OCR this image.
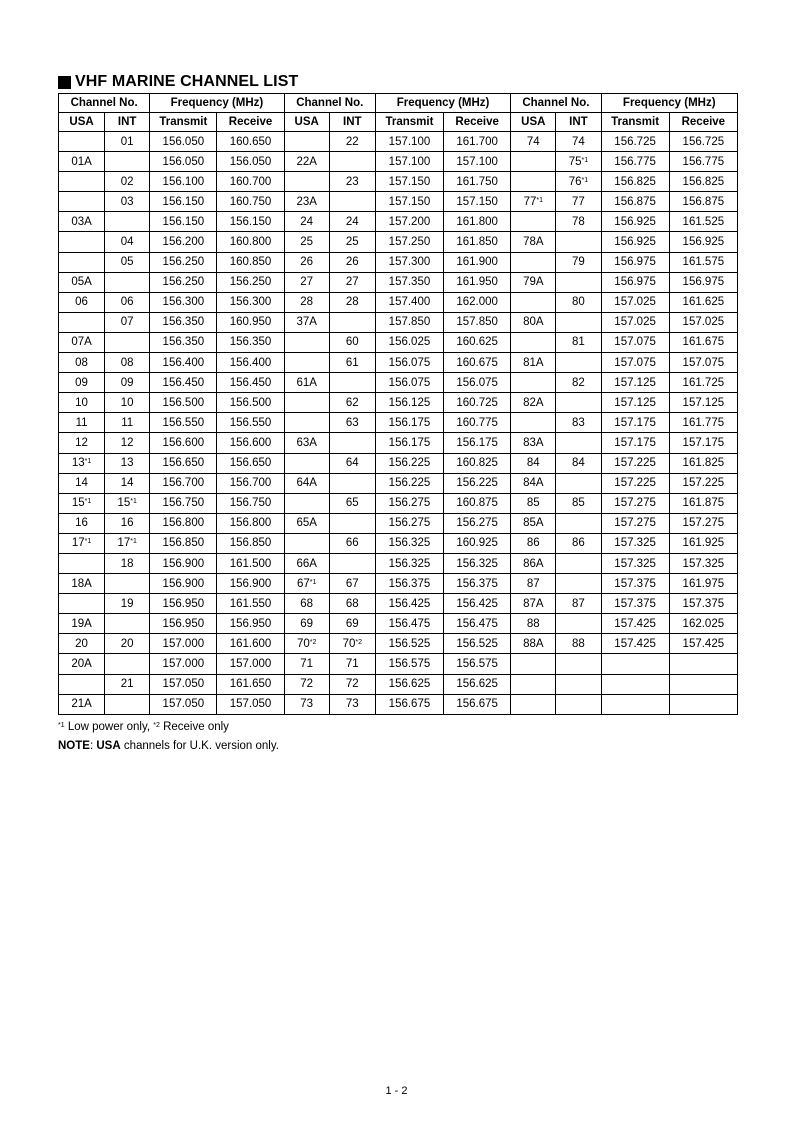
VHF MARINE CHANNEL LIST
Channel No.		Frequency (MHz)		Channel No.		Frequency (MHz)		Channel No.		Frequency (MHz)	
USA	INT	Transmit	Receive	USA	INT	Transmit	Receive	USA	INT	Transmit	Receive
	01	156.050	160.650		22	157.100	161.700	74	74	156.725	156.725
01A		156.050	156.050	22A		157.100	157.100		75$^{*1}$	156.775	156.775
	02	156.100	160.700		23	157.150	161.750		76$^{*1}$	156.825	156.825
	03	156.150	160.750	23A		157.150	157.150	77$^{*1}$	77	156.875	156.875
03A		156.150	156.150	24	24	157.200	161.800		78	156.925	161.525
	04	156.200	160.800	25	25	157.250	161.850	78A		156.925	156.925
	05	156.250	160.850	26	26	157.300	161.900		79	156.975	161.575
05A		156.250	156.250	27	27	157.350	161.950	79A		156.975	156.975
06	06	156.300	156.300	28	28	157.400	162.000		80	157.025	161.625
	07	156.350	160.950	37A		157.850	157.850	80A		157.025	157.025
07A		156.350	156.350		60	156.025	160.625		81	157.075	161.675
08	08	156.400	156.400		61	156.075	160.675	81A		157.075	157.075
09	09	156.450	156.450	61A		156.075	156.075		82	157.125	161.725
10	10	156.500	156.500		62	156.125	160.725	82A		157.125	157.125
11	11	156.550	156.550		63	156.175	160.775		83	157.175	161.775
12	12	156.600	156.600	63A		156.175	156.175	83A		157.175	157.175
13$^{*1}$	13	156.650	156.650		64	156.225	160.825	84	84	157.225	161.825
14	14	156.700	156.700	64A		156.225	156.225	84A		157.225	157.225
15$^{*1}$	15$^{*1}$	156.750	156.750		65	156.275	160.875	85	85	157.275	161.875
16	16	156.800	156.800	65A		156.275	156.275	85A		157.275	157.275
17$^{*1}$	17$^{*1}$	156.850	156.850		66	156.325	160.925	86	86	157.325	161.925
	18	156.900	161.500	66A		156.325	156.325	86A		157.325	157.325
18A		156.900	156.900	67$^{*1}$	67	156.375	156.375	87		157.375	161.975
	19	156.950	161.550	68	68	156.425	156.425	87A	87	157.375	157.375
19A		156.950	156.950	69	69	156.475	156.475	88		157.425	162.025
20	20	157.000	161.600	70$^{*2}$	70$^{*2}$	156.525	156.525	88A	88	157.425	157.425
20A		157.000	157.000	71	71	156.575	156.575				
	21	157.050	161.650	72	72	156.625	156.625				
21A		157.050	157.050	73	73	156.675	156.675				
$^{*1}$ Low power only, $^{*2}$ Receive only
NOTE: USA channels for U.K. version only.
1 - 2
